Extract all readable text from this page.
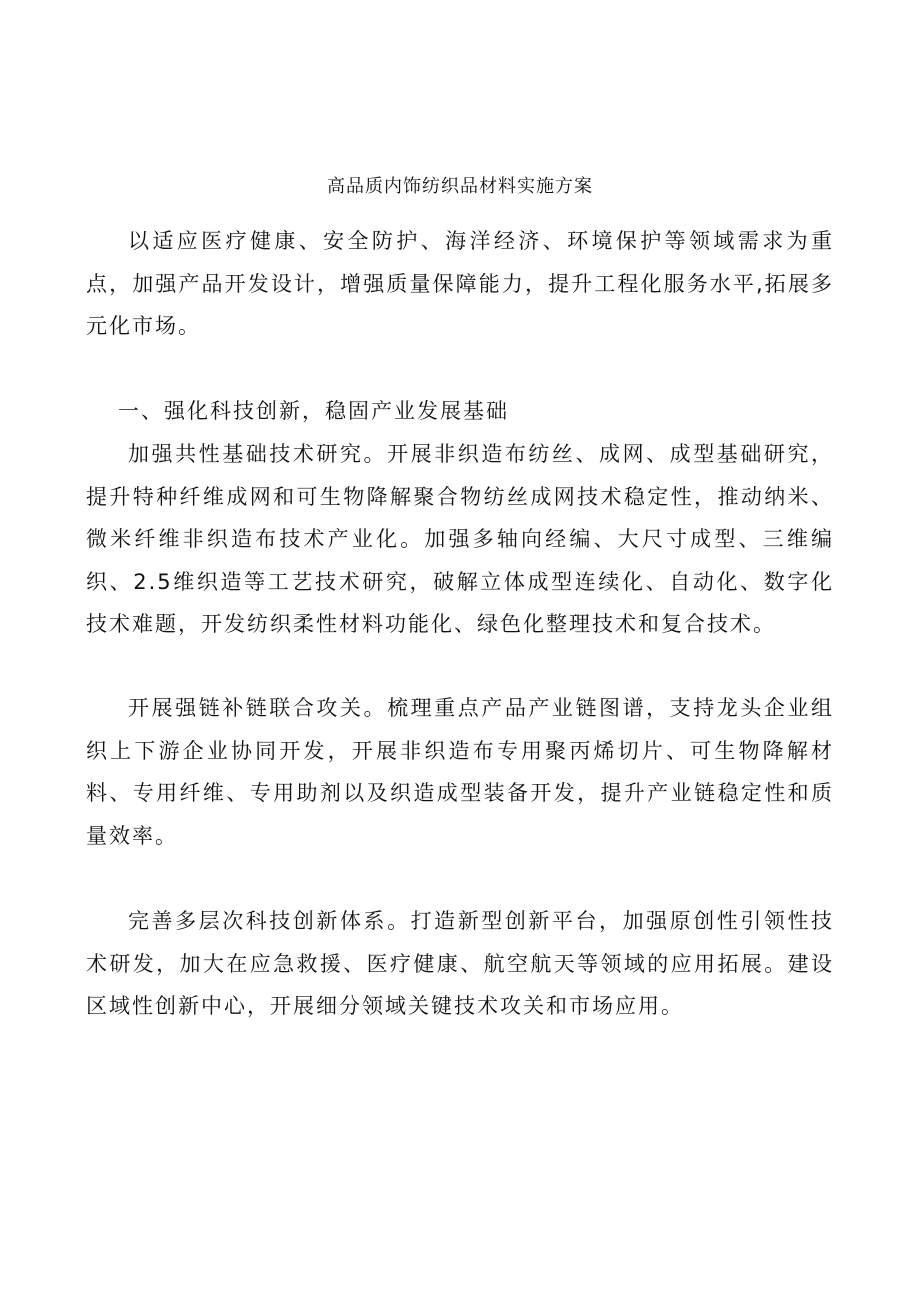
高品质内饰纺织品材料实施方案

以适应医疗健康、安全防护、海洋经济、环境保护等领域需求为重点，加强产品开发设计，增强质量保障能力，提升工程化服务水平,拓展多元化市场。

一、强化科技创新，稳固产业发展基础

加强共性基础技术研究。开展非织造布纺丝、成网、成型基础研究，提升特种纤维成网和可生物降解聚合物纺丝成网技术稳定性，推动纳米、微米纤维非织造布技术产业化。加强多轴向经编、大尺寸成型、三维编织、2.5维织造等工艺技术研究，破解立体成型连续化、自动化、数字化技术难题，开发纺织柔性材料功能化、绿色化整理技术和复合技术。

开展强链补链联合攻关。梳理重点产品产业链图谱，支持龙头企业组织上下游企业协同开发，开展非织造布专用聚丙烯切片、可生物降解材料、专用纤维、专用助剂以及织造成型装备开发，提升产业链稳定性和质量效率。

完善多层次科技创新体系。打造新型创新平台，加强原创性引领性技术研发，加大在应急救援、医疗健康、航空航天等领域的应用拓展。建设区域性创新中心，开展细分领域关键技术攻关和市场应用。
